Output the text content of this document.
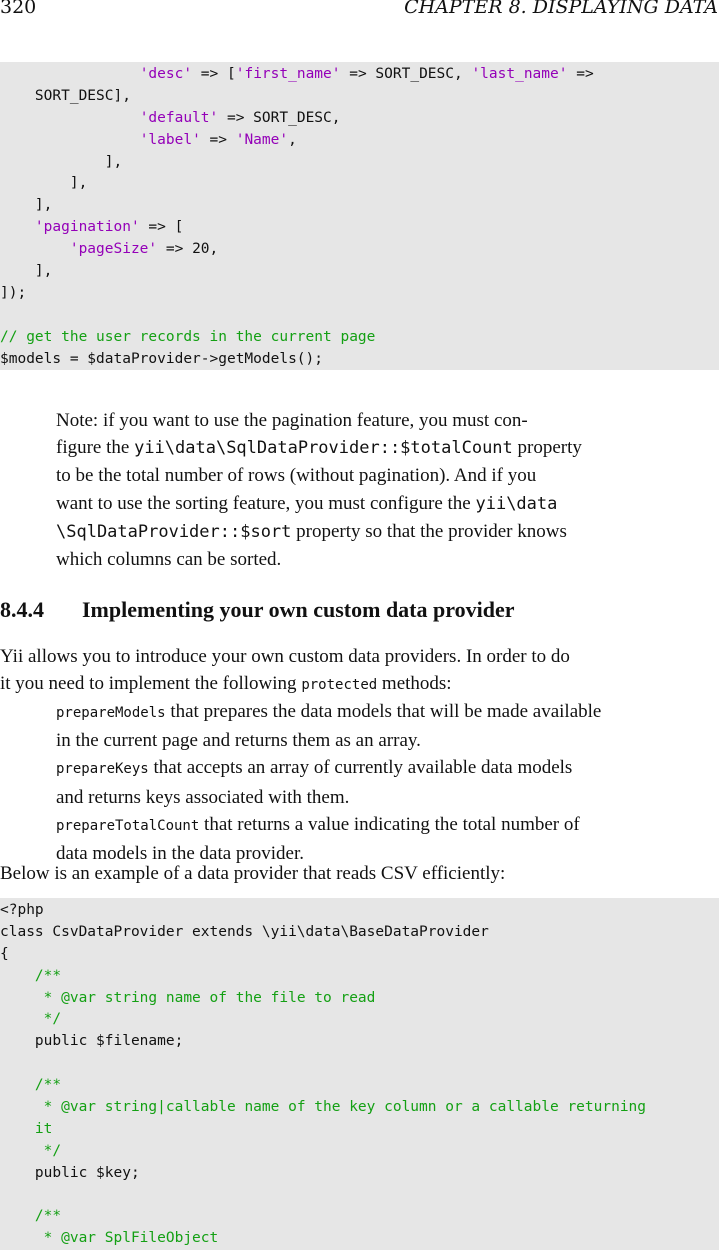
320	CHAPTER 8. DISPLAYING DATA
'desc' => ['first_name' => SORT_DESC, 'last_name' =>
SORT_DESC],
'default' => SORT_DESC,
'label' => 'Name',
],
],
],
'pagination' => [
'pageSize' => 20,
],
]);
// get the user records in the current page
$models = $dataProvider->getModels();

Note: if you want to use the pagination feature, you must con-

figure the yii\data\SqlDataProvider::$totalCount property

to be the total number of rows (without pagination). And if you

want to use the sorting feature, you must configure the yii\data

\SqlDataProvider::$sort property so that the provider knows

which columns can be sorted.

8.4.4 Implementing your own custom data provider

Yii allows you to introduce your own custom data providers. In order to do

it you need to implement the following protected methods:

prepareModels that prepares the data models that will be made available
in the current page and returns them as an array.

prepareKeys that accepts an array of currently available data models
and returns keys associated with them.

prepareTotalCount that returns a value indicating the total number of
data models in the data provider.

Below is an example of a data provider that reads CSV efficiently:

<?php
class CsvDataProvider extends \yii\data\BaseDataProvider
{
/**
* @var string name of the file to read
*/
public $filename;
/**
* @var string|callable name of the key column or a callable returning
it
*/
public $key;
/**
* @var SplFileObject
